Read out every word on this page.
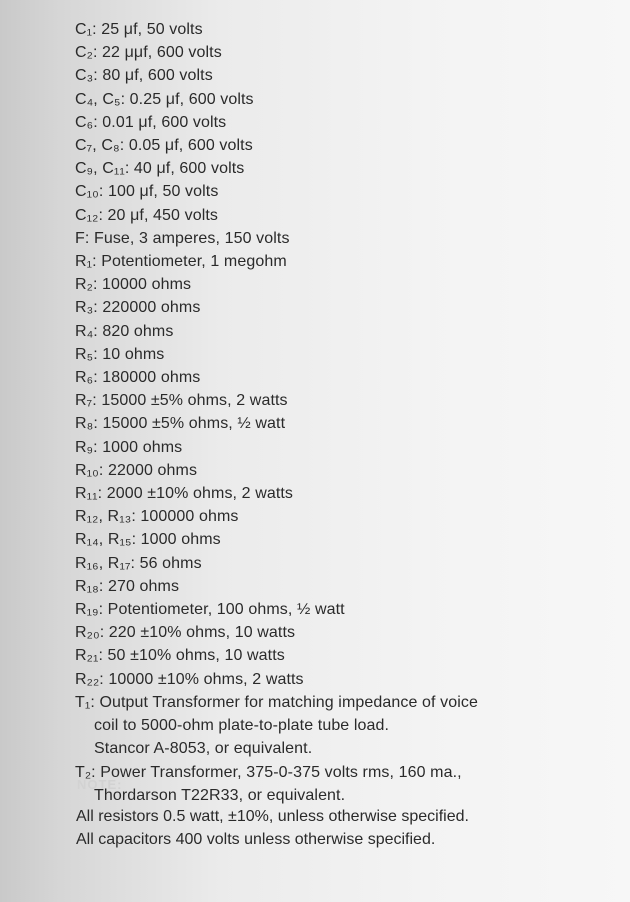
C₁: 25 μf, 50 volts
C₂: 22 μμf, 600 volts
C₃: 80 μf, 600 volts
C₄, C₅: 0.25 μf, 600 volts
C₆: 0.01 μf, 600 volts
C₇, C₈: 0.05 μf, 600 volts
C₉, C₁₁: 40 μf, 600 volts
C₁₀: 100 μf, 50 volts
C₁₂: 20 μf, 450 volts
F: Fuse, 3 amperes, 150 volts
R₁: Potentiometer, 1 megohm
R₂: 10000 ohms
R₃: 220000 ohms
R₄: 820 ohms
R₅: 10 ohms
R₆: 180000 ohms
R₇: 15000 ±5% ohms, 2 watts
R₈: 15000 ±5% ohms, ½ watt
R₉: 1000 ohms
R₁₀: 22000 ohms
R₁₁: 2000 ±10% ohms, 2 watts
R₁₂, R₁₃: 100000 ohms
R₁₄, R₁₅: 1000 ohms
R₁₆, R₁₇: 56 ohms
R₁₈: 270 ohms
R₁₉: Potentiometer, 100 ohms, ½ watt
R₂₀: 220 ±10% ohms, 10 watts
R₂₁: 50 ±10% ohms, 10 watts
R₂₂: 10000 ±10% ohms, 2 watts
T₁: Output Transformer for matching impedance of voice
coil to 5000-ohm plate-to-plate tube load.
Stancor A-8053, or equivalent.
T₂: Power Transformer, 375-0-375 volts rms, 160 ma.,
Thordarson T22R33, or equivalent.
NOTE:
All resistors 0.5 watt, ±10%, unless otherwise specified.
All capacitors 400 volts unless otherwise specified.
